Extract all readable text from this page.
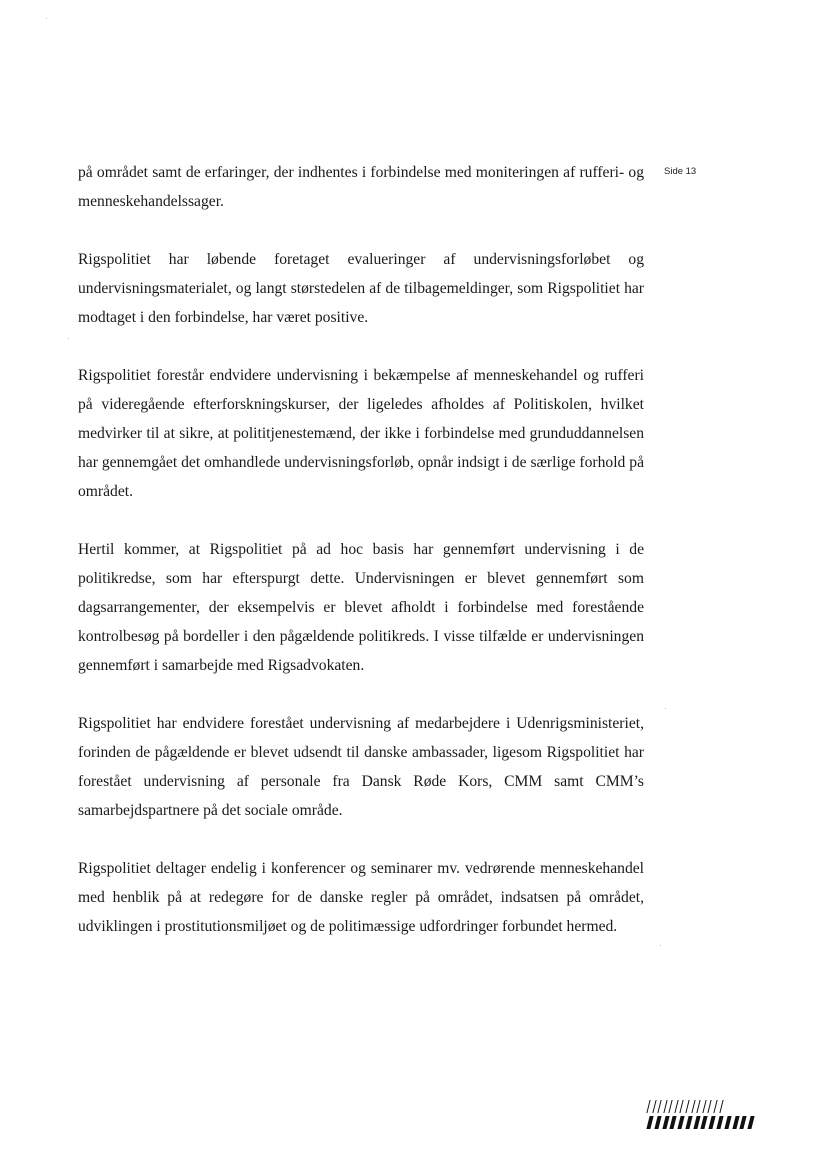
Side 13

på området samt de erfaringer, der indhentes i forbindelse med moniteringen af rufferi- og menneskehandelssager.

Rigspolitiet har løbende foretaget evalueringer af undervisningsforløbet og undervisningsmaterialet, og langt størstedelen af de tilbagemeldinger, som Rigspolitiet har modtaget i den forbindelse, har været positive.

Rigspolitiet forestår endvidere undervisning i bekæmpelse af menneskehandel og rufferi på videregående efterforskningskurser, der ligeledes afholdes af Politiskolen, hvilket medvirker til at sikre, at polititjenestemænd, der ikke i forbindelse med grunduddannelsen har gennemgået det omhandlede undervisningsforløb, opnår indsigt i de særlige forhold på området.

Hertil kommer, at Rigspolitiet på ad hoc basis har gennemført undervisning i de politikredse, som har efterspurgt dette. Undervisningen er blevet gennemført som dagsarrangementer, der eksempelvis er blevet afholdt i forbindelse med forestående kontrolbesøg på bordeller i den pågældende politikreds. I visse tilfælde er undervisningen gennemført i samarbejde med Rigsadvokaten.

Rigspolitiet har endvidere forestået undervisning af medarbejdere i Udenrigsministeriet, forinden de pågældende er blevet udsendt til danske ambassader, ligesom Rigspolitiet har forestået undervisning af personale fra Dansk Røde Kors, CMM samt CMM’s samarbejdspartnere på det sociale område.

Rigspolitiet deltager endelig i konferencer og seminarer mv. vedrørende menneskehandel med henblik på at redegøre for de danske regler på området, indsatsen på området, udviklingen i prostitutionsmiljøet og de politimæssige udfordringer forbundet hermed.
